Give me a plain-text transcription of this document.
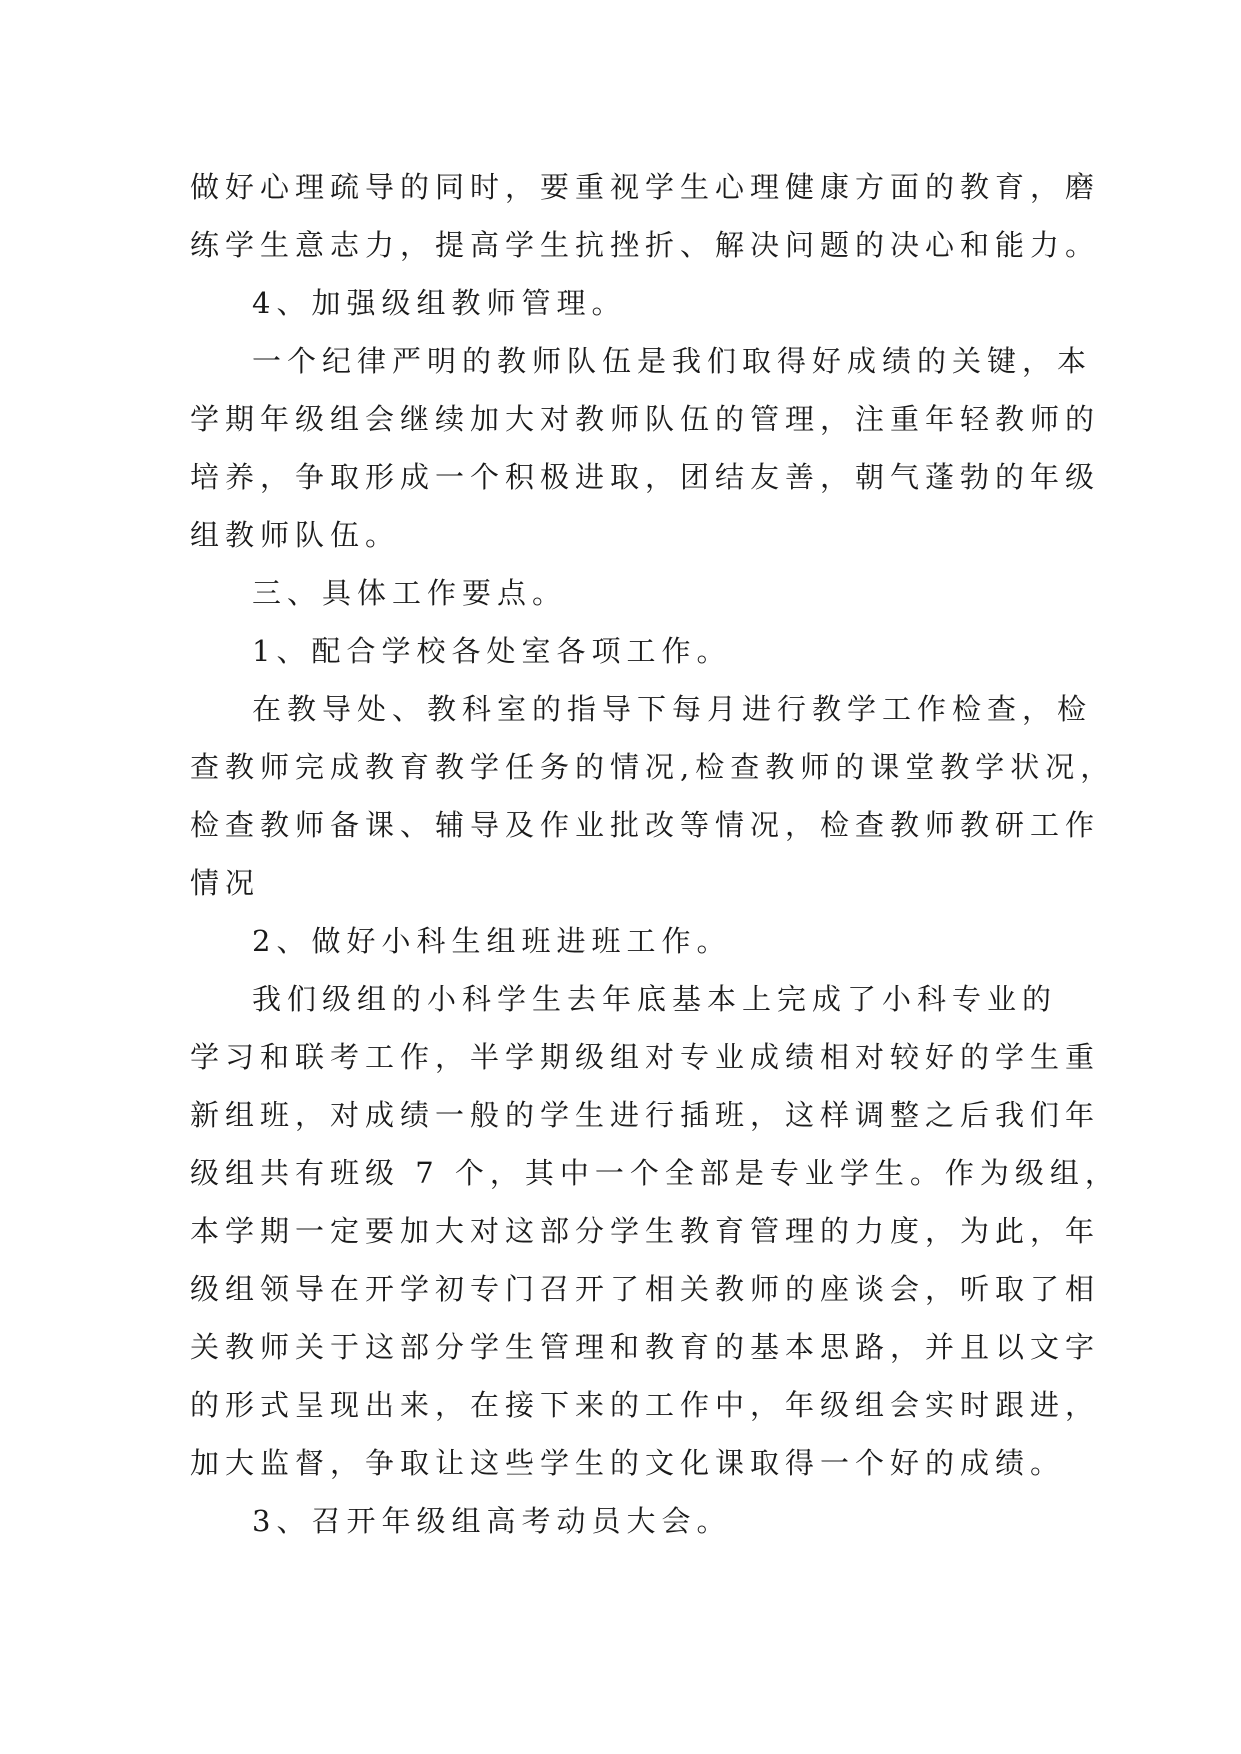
做好心理疏导的同时，要重视学生心理健康方面的教育，磨
练学生意志力，提高学生抗挫折、解决问题的决心和能力。
4、加强级组教师管理。
一个纪律严明的教师队伍是我们取得好成绩的关键，本
学期年级组会继续加大对教师队伍的管理，注重年轻教师的
培养，争取形成一个积极进取，团结友善，朝气蓬勃的年级
组教师队伍。
三、具体工作要点。
1、配合学校各处室各项工作。
在教导处、教科室的指导下每月进行教学工作检查，检
查教师完成教育教学任务的情况,检查教师的课堂教学状况，
检查教师备课、辅导及作业批改等情况，检查教师教研工作
情况
2、做好小科生组班进班工作。
我们级组的小科学生去年底基本上完成了小科专业的
学习和联考工作，半学期级组对专业成绩相对较好的学生重
新组班，对成绩一般的学生进行插班，这样调整之后我们年
级组共有班级 7 个，其中一个全部是专业学生。作为级组，
本学期一定要加大对这部分学生教育管理的力度，为此，年
级组领导在开学初专门召开了相关教师的座谈会，听取了相
关教师关于这部分学生管理和教育的基本思路，并且以文字
的形式呈现出来，在接下来的工作中，年级组会实时跟进，
加大监督，争取让这些学生的文化课取得一个好的成绩。
3、召开年级组高考动员大会。
